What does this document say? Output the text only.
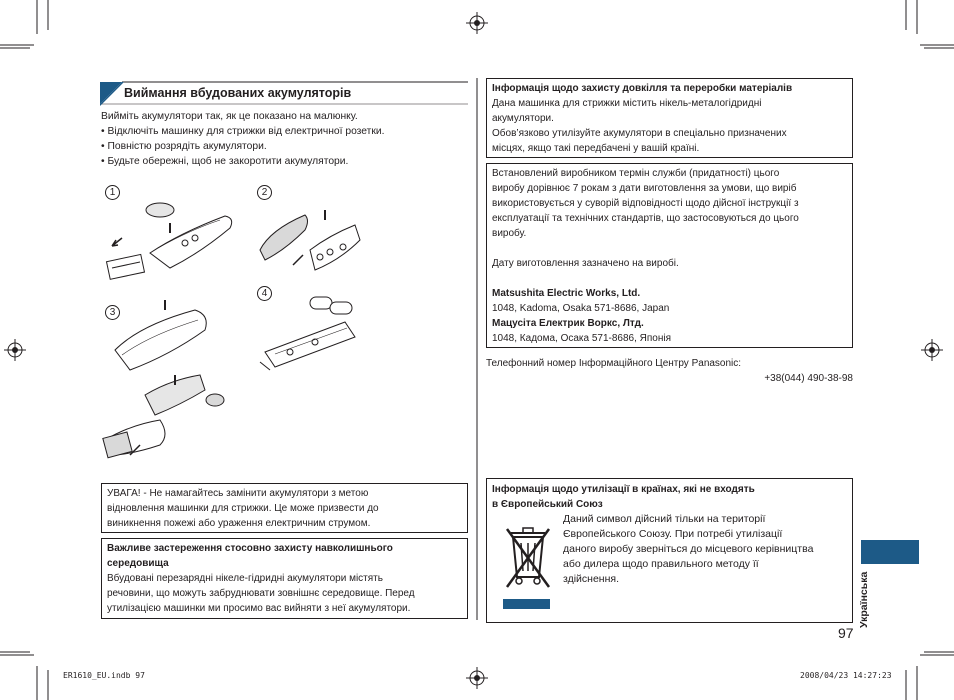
Виймання вбудованих акумуляторів
Вийміть акумулятори так, як це показано на малюнку.
• Відключіть машинку для стрижки від електричної розетки.
• Повністю розрядіть акумулятори.
• Будьте обережні, щоб не закоротити акумулятори.
1	2
3
4
УВАГА! - Не намагайтесь замінити акумулятори з метою
відновлення машинки для стрижки. Це може призвести до
виникнення пожежі або ураження електричним струмом.
Важливе застереження стосовно захисту навколишнього
середовища
Вбудовані перезарядні нікеле-гідридні акумулятори містять
речовини, що можуть забруднювати зовнішнє середовище. Перед
утилізацією машинки ми просимо вас вийняти з неї акумулятори.
Інформація щодо захисту довкілля та переробки матеріалів
Дана машинка для стрижки містить нікель-металогідридні
акумулятори.
Обов’язково утилізуйте акумулятори в спеціально призначених
місцях, якщо такі передбачені у вашій країні.
Встановлений виробником термін служби (придатності) цього
виробу дорівнює 7 рокам з дати виготовлення за умови, що виріб
використовується у суворій відповідності щодо дійсної інструкції з
експлуатації та технічних стандартів, що застосовуються до цього
виробу.
Дату виготовлення зазначено на виробі.
Matsushita Electric Works, Ltd.
1048, Kadoma, Osaka 571-8686, Japan
Мацусіта Електрик Воркс, Лтд.
1048, Кадома, Осака 571-8686, Японія
Телефонний номер Інформаційного Центру Panasonic:
+38(044) 490-38-98
Інформація щодо утилізації в країнах, які не входять
в Європейський Союз
Даний символ дійсний тільки на території
Європейського Союзу. При потребі утилізації
даного виробу зверніться до місцевого керівництва
або дилера щодо правильного методу її
здійснення.	Українська
97
ER1610_EU.indb 97	2008/04/23 14:27:23
